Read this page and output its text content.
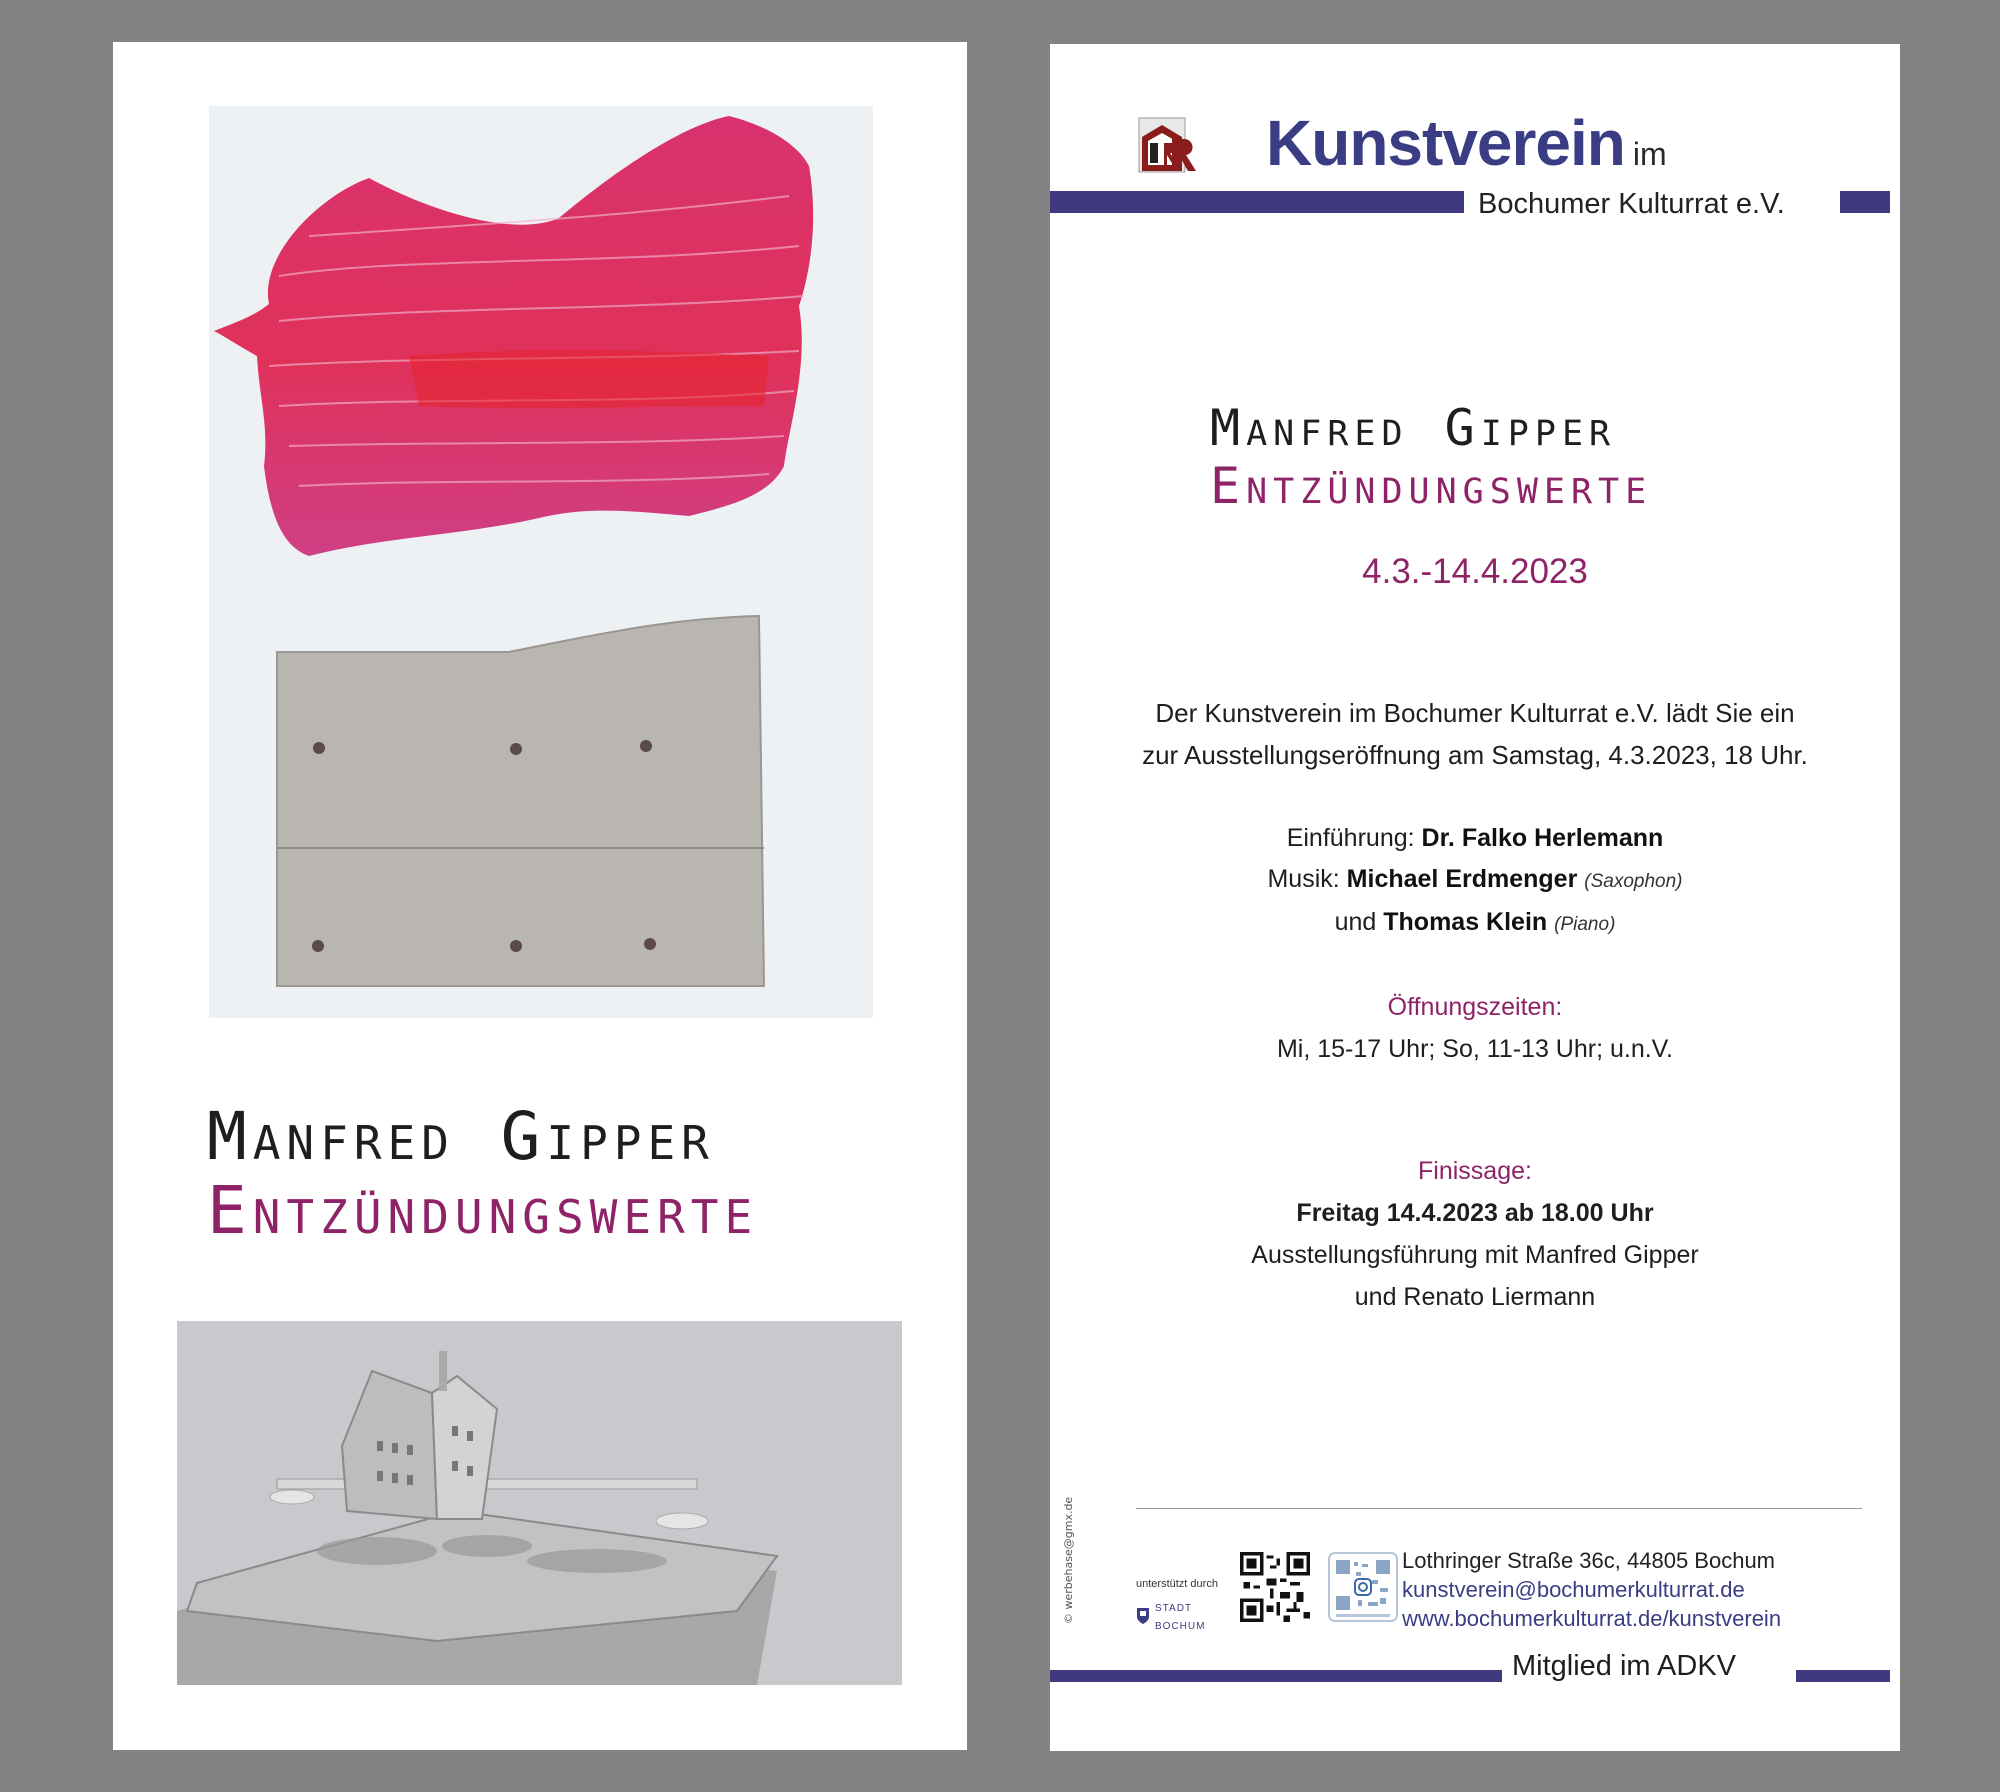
Manfred Gipper

Entzündungswerte

Kunstverein im
Bochumer Kulturrat e.V.

Manfred Gipper

Entzündungswerte

4.3.-14.4.2023

Der Kunstverein im Bochumer Kulturrat e.V. lädt Sie ein

zur Ausstellungseröffnung am Samstag, 4.3.2023, 18 Uhr.

Einführung: Dr. Falko Herlemann

Musik: Michael Erdmenger (Saxophon)

und Thomas Klein (Piano)

Öffnungszeiten:

Mi, 15-17 Uhr; So, 11-13 Uhr; u.n.V.

Finissage:

Freitag 14.4.2023 ab 18.00 Uhr

Ausstellungsführung mit Manfred Gipper

und Renato Liermann

© werbehase@gmx.de	unterstützt durch
STADT
BOCHUM
Lothringer Straße 36c, 44805 Bochum
kunstverein@bochumerkulturrat.de
www.bochumerkulturrat.de/kunstverein
Mitglied im ADKV
